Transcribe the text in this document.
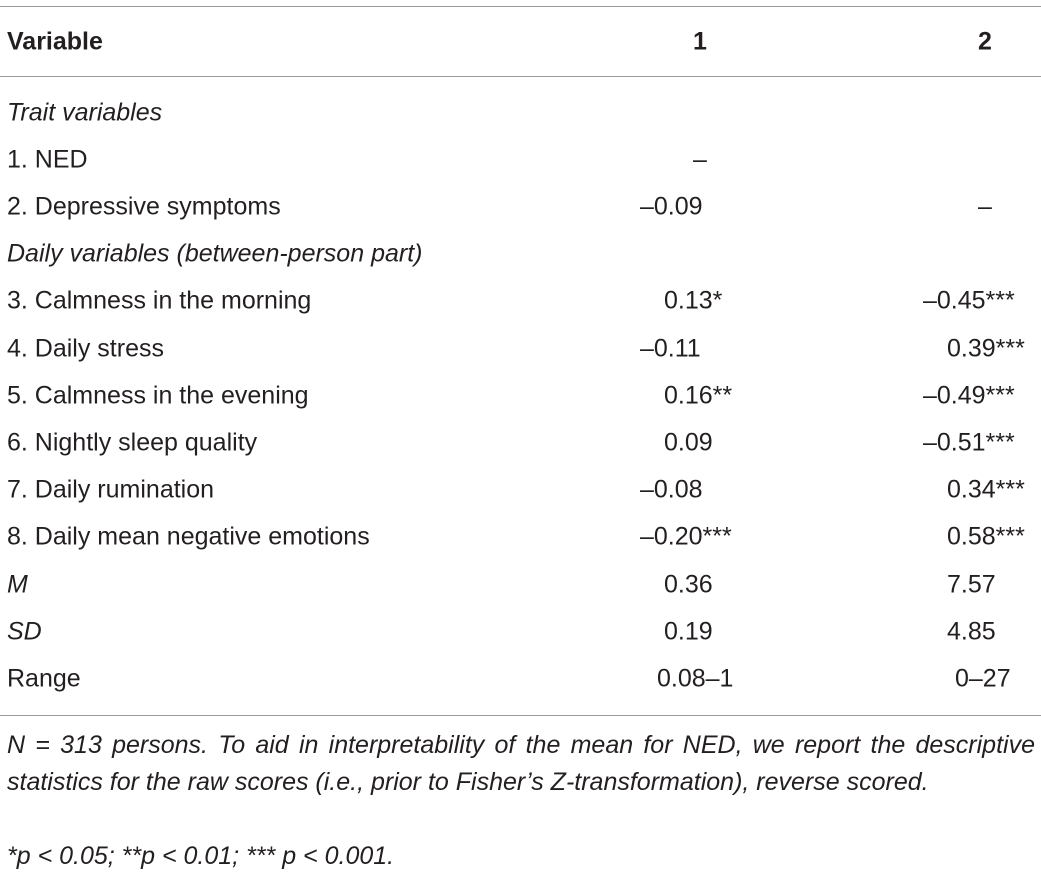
Variable	1	2
Trait variables
1. NED	–
2. Depressive symptoms	–0.09	–
Daily variables (between-person part)
3. Calmness in the morning	0.13*	–0.45***
4. Daily stress	–0.11	0.39***
5. Calmness in the evening	0.16**	–0.49***
6. Nightly sleep quality	0.09	–0.51***
7. Daily rumination	–0.08	0.34***
8. Daily mean negative emotions	–0.20***	0.58***
M	0.36	7.57
SD	0.19	4.85
Range	0.08–1	0–27
N = 313 persons. To aid in interpretability of the mean for NED, we report the descriptive statistics for the raw scores (i.e., prior to Fisher’s Z-transformation), reverse scored.
*p < 0.05; **p < 0.01; *** p < 0.001.
